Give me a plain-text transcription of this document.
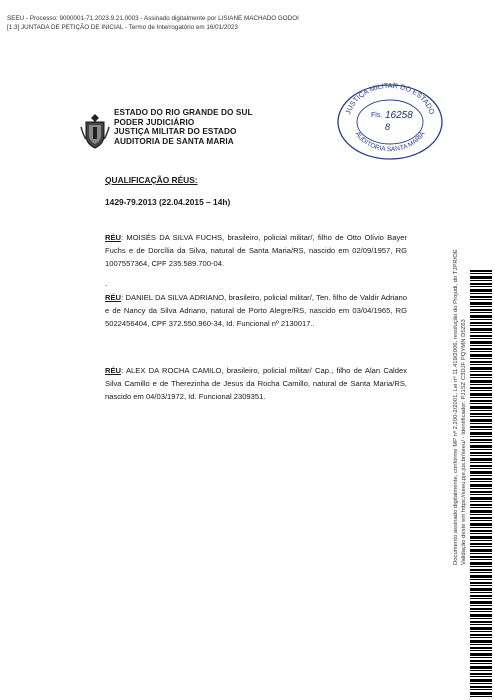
SEEU - Processo: 9000001-71.2023.9.21.0003 - Assinado digitalmente por LISIANE MACHADO GODOI
[1.3] JUNTADA DE PETIÇÃO DE INICIAL - Termo de Interrogatório em 16/01/2023
ESTADO DO RIO GRANDE DO SUL
PODER JUDICIÁRIO
JUSTIÇA MILITAR DO ESTADO
AUDITORIA DE SANTA MARIA
JUSTIÇA MILITAR DO ESTADO
AUDITORIA SANTA MARIA
Fls. 16258
8
QUALIFICAÇÃO RÉUS:
1429-79.2013 (22.04.2015 – 14h)
RÉU: MOISÉS DA SILVA FUCHS, brasileiro, policial militar/, filho de Otto Olívio Bayer Fuchs e de Dorcília da Silva, natural de Santa Maria/RS, nascido em 02/09/1957, RG 1007557364, CPF 235.589.700-04.
.
RÉU: DANIEL DA SILVA ADRIANO, brasileiro, policial militar/, Ten. filho de Valdir Adriano e de Nancy da Silva Adriano, natural de Porto Alegre/RS, nascido em 03/04/1965, RG 5022456404, CPF 372.550.960-34, Id. Funcional nº 2130017..
RÉU: ALEX DA ROCHA CAMILO, brasileiro, policial militar/ Cap., filho de Alan Caldex Silva Camillo e de Therezinha de Jesus da Rocha Camillo, natural de Santa Maria/RS, nascido em 04/03/1972, Id. Funcional 2309351.	Documento assinado digitalmente, conforme MP nº 2.200-2/2001, Lei nº 11.419/2006, resolução do Projudi, do TJPR/OE Validação deste em https://seeu.pje.jus.br/seeu/ - Identificador: PJ1SZ C3DJF PQYMN D5Z63
